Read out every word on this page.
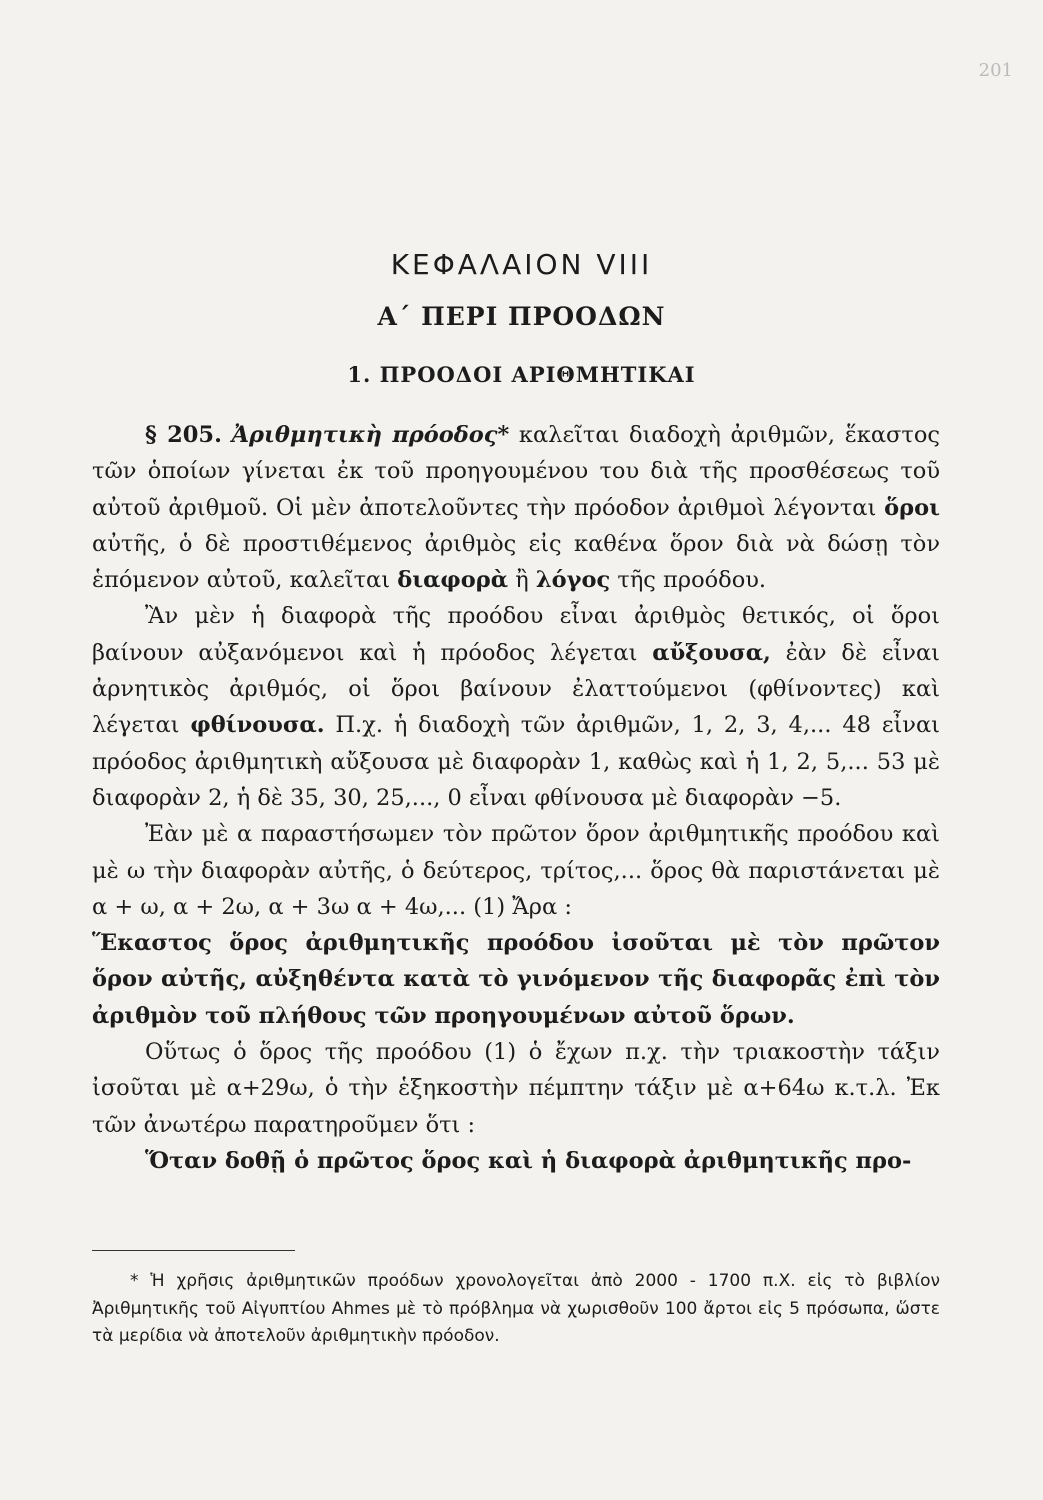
201
ΚΕΦΑΛΑΙΟΝ VIII
Α΄ ΠΕΡΙ ΠΡΟΟΔΩΝ
1. ΠΡΟΟΔΟΙ ΑΡΙΘΜΗΤΙΚΑΙ

§ 205. Ἀριθμητικὴ πρόοδος* καλεῖται διαδοχὴ ἀριθμῶν, ἕκαστος τῶν ὁποίων γίνεται ἐκ τοῦ προηγουμένου του διὰ τῆς προσθέσεως τοῦ αὐτοῦ ἀριθμοῦ. Οἱ μὲν ἀποτελοῦντες τὴν πρόοδον ἀριθμοὶ λέγονται ὅροι αὐτῆς, ὁ δὲ προστιθέμενος ἀριθμὸς εἰς καθένα ὅρον διὰ νὰ δώσῃ τὸν ἑπόμενον αὐτοῦ, καλεῖται διαφορὰ ἢ λόγος τῆς προόδου.

Ἂν μὲν ἡ διαφορὰ τῆς προόδου εἶναι ἀριθμὸς θετικός, οἱ ὅροι βαίνουν αὐξανόμενοι καὶ ἡ πρόοδος λέγεται αὔξουσα, ἐὰν δὲ εἶναι ἀρνητικὸς ἀριθμός, οἱ ὅροι βαίνουν ἐλαττούμενοι (φθίνοντες) καὶ λέγεται φθίνουσα. Π.χ. ἡ διαδοχὴ τῶν ἀριθμῶν, 1, 2, 3, 4,... 48 εἶναι πρόοδος ἀριθμητικὴ αὔξουσα μὲ διαφορὰν 1, καθὼς καὶ ἡ 1, 2, 5,... 53 μὲ διαφορὰν 2, ἡ δὲ 35, 30, 25,..., 0 εἶναι φθίνουσα μὲ διαφορὰν −5.

Ἐὰν μὲ α παραστήσωμεν τὸν πρῶτον ὅρον ἀριθμητικῆς προόδου καὶ μὲ ω τὴν διαφορὰν αὐτῆς, ὁ δεύτερος, τρίτος,... ὅρος θὰ παριστάνεται μὲ α + ω, α + 2ω, α + 3ω α + 4ω,... (1) Ἄρα :

Ἕκαστος ὅρος ἀριθμητικῆς προόδου ἰσοῦται μὲ τὸν πρῶτον ὅρον αὐτῆς, αὐξηθέντα κατὰ τὸ γινόμενον τῆς διαφορᾶς ἐπὶ τὸν ἀριθμὸν τοῦ πλήθους τῶν προηγουμένων αὐτοῦ ὅρων.

Οὕτως ὁ ὅρος τῆς προόδου (1) ὁ ἔχων π.χ. τὴν τριακοστὴν τάξιν ἰσοῦται μὲ α+29ω, ὁ τὴν ἑξηκοστὴν πέμπτην τάξιν μὲ α+64ω κ.τ.λ. Ἐκ τῶν ἀνωτέρω παρατηροῦμεν ὅτι :

Ὅταν δοθῇ ὁ πρῶτος ὅρος καὶ ἡ διαφορὰ ἀριθμητικῆς προ-

* Ἡ χρῆσις ἀριθμητικῶν προόδων χρονολογεῖται ἀπὸ 2000 - 1700 π.Χ. εἰς τὸ βιβλίον Ἀριθμητικῆς τοῦ Αἰγυπτίου Ahmes μὲ τὸ πρόβλημα νὰ χωρισθοῦν 100 ἄρτοι εἰς 5 πρόσωπα, ὥστε τὰ μερίδια νὰ ἀποτελοῦν ἀριθμητικὴν πρόοδον.
